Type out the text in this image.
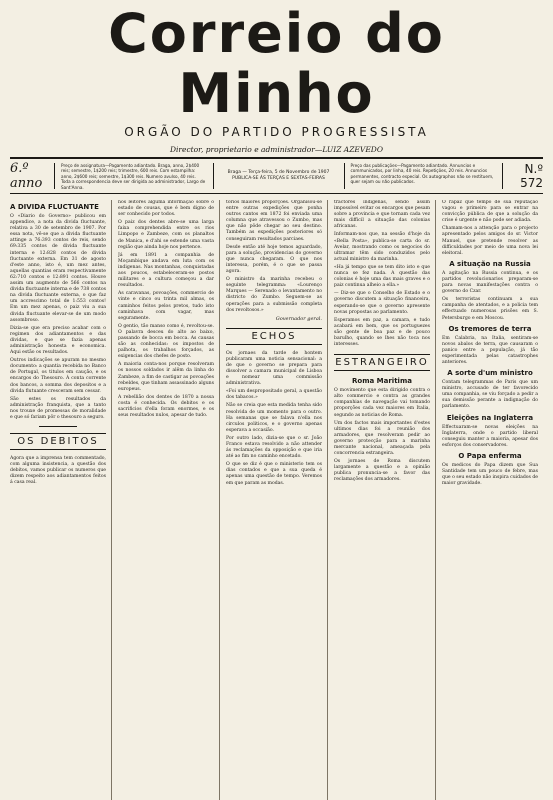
Correio do Minho
ORGÃO DO PARTIDO PROGRESSISTA
Director, proprietario e administrador—LUIZ AZEVEDO
6.º anno
Preço de assignatura—Pagamento adiantado. Braga, anno, 2$400 reis; semestre, 1$200 reis; trimestre, 600 reis. Com estampilha: anno, 2$600 reis; semestre, 1$300 reis. Numero avulso, 40 reis. Toda a correspondencia deve ser dirigida ao administrador, Largo de Sant'Anna.
Braga — Terça-feira, 5 de Novembro de 1907
PUBLICA-SE ÁS TERÇAS E SEXTAS-FEIRAS
Preço das publicações—Pagamento adiantado. Annuncios e communicados, por linha, 40 reis. Repetições, 20 reis. Annuncios permanentes, contracto especial. Os autographos não se restituem, quer sejam ou não publicados.
N.º 572
A DIVIDA FLUCTUANTE

O «Diario do Governo» publicou em appendice, a nota da divida fluctuante, relativa a 30 de setembro de 1907. Por essa nota, vê-se que a divida fluctuante attinge a 76:393 contos de reis, sendo 69:335 contos de divida fluctuante interna e 12:828 contos de divida fluctuante externa. Em 31 de agosto d'este anno, isto é, um mez antes, aquellas quantias eram respectivamente 62:710 contos e 12:891 contos. Houve assim um augmento de 566 contos na divida fluctuante interna e de 738 contos na divida fluctuante externa, o que faz um accrescimo total de 1:553 contos! Em um mez apenas, o paiz viu a sua divida fluctuante elevar-se de um modo assombroso.

Dizia-se que era preciso acabar com o regimen dos adiantamentos e das dividas, e que se fazia apenas administração honesta e economica. Aqui estão os resultados.

Outros indicações se apuram no mesmo documento: a quantia recebida no Banco de Portugal, os titulos em caução, e os encargos do Thesouro. Á conta corrente dos bancos, a somma dos depositos e a divida flutuante cresceram sem cessar.

São estes os resultados da administração franquista, que a tanto nos trouxe de promessas de moralidade e que só fariam pôr o thesouro a seguro.

OS DEBITOS

Agora que a imprensa tem commentado, com alguma insistencia, a questão dos debitos, vamos publicar os numeros que dizem respeito aos adiantamentos feitos á casa real.

nos leitores alguma informação sobre o estado de cousas, que é bem digno de ser conhecido por todos.

O paiz dos dentes abre-se uma larga faixa comprehendida entre os rios Limpopo e Zambeze, com os planaltos de Manica, e d'ahi se estende uma vasta região que ainda hoje nos pertence.

Já em 1891 a companhia de Moçambique andava em luta com os indigenas. Nas montanhas, conquistadas aos poucos, estabeleceram-se postos militares e a cultura começou a dar resultados.

As caravanas, povoações, commercio de vinte e cinco ou trinta mil almas, os caminhos feitos pelos pretos, tudo isto caminhava com vagar, mas seguramente.

O gentio, tão manso como é, revoltou-se. O palavra desceu do alto ao baixo, passando de bocca em bocca. As causas são as conhecidas: os impostos de palhota, os trabalhos forçados, as exigencias dos chefes de posto.

A maioria conta-nos porque resolveram os nossos soldados ir alêm da linha do Zambeze, a fim de castigar as povoações rebeldes, que tinham assassinado alguns europeus.

A rebellião dos dentes de 1870 a nossa costa é conhecida. Os debitos e os sacrificios d'ella foram enormes, e os seus resultados nulos, apesar de tudo.

torios maiores proporções. Organisou-se entre outras expedições que ponha outros cantos em 1872 foi enviada uma columna que atravessou o Zumbo, mas que não pôde chegar ao seu destino. Também as expedições posteriores só conseguiram resultados parciaes.

Desde então até hoje temos aguardado, para a solução, providencias do governo que nunca chegaram. O que nos interessa, porém, é o que se passa agora.

O ministro da marinha recebeu o seguinte telegramma: «Lourenço Marques — Serenado o levantamento no districto do Zumbo. Seguem-se as operações para a submissão completa dos revoltosos.»

Governador geral.
ECHOS

Os jornaes da tarde de hontem publicaram uma noticia sensacional: a de que o governo se prepara para dissolver a camara municipal de Lisboa e nomear uma commissão administrativa.

«Foi um despropositado geral, a questão dos tabacos.»

Não se creia que esta medida tenha sido resolvida de um momento para o outro. Ha semanas que se falava n'ella nos circulos politicos, e o governo apenas esperava a occasião.

Por outro lado, dizia-se que o sr. João Franco estava resolvido a não attender ás reclamações da opposição e que iria até ao fim no caminho encetado.

O que se diz é que o ministerio tem os dias contados e que a sua queda é apenas uma questão de tempo. Veremos em que param as modas.

tractores indigenas, sendo assim impossível evitar os encargos que pesam sobre a provincia e que tornam cada vez mais difficil a situação das colonias africanas.

Informam-nos que, na sessão d'hoje da «Bella Posta», publica-se carta do sr. Avelar, mostrando como os negocios do ultramar têm sido conduzidos pelo actual ministro da marinha.

«Ha já tempo que se tem dito isto e que nunca se fez nada. A questão das colonias é hoje uma das mais graves e o paiz continua alheio a ella.»

— Diz-se que o Conselho de Estado e o governo discutem a situação financeira, esperando-se que o governo apresente novas propostas ao parlamento.

Esperamos em paz, a camara, e tudo acabará em bem, que os portuguezes são gente de boa paz e de pouco barulho, quando se lhes não toca nos interesses.

ESTRANGEIRO
Roma Maritima

O movimento que esta dirigido contra o alto commercio e contra as grandes companhias de navegação vai tomando proporções cada vez maiores em Italia, segundo as noticias de Roma.

Um dos factos mais importantes d'estes ultimos dias foi a reunião dos armadores, que resolveram pedir ao governo protecção para a marinha mercante nacional, ameaçada pela concorrencia estrangeira.

Os jornaes de Roma discutem largamente a questão e a opinião publica pronuncia-se a favor das reclamações dos armadores.

O rapaz que tempo de sua reputação vagou e primeiro para se entrar na convicção pública de que a solução da crise é urgente e não pode ser adiada.

Chamam-nos a attenção para o projecto apresentado pelos amigos do sr. Victor Manuel, que pretende resolver as difficuldades por meio de uma nova lei eleitoral.

A situação na Russia

A agitação na Russia continua, e os partidos revolucionarios preparam-se para novas manifestações contra o governo do Czar.

Os terroristas continuam a sua campanha de atentados, e a policia tem effectuado numerosas prisões em S. Petersburgo e em Moscou.

Os tremores de terra

Em Calabria, na Italia, sentiram-se novos abalos de terra, que causaram o panico entre a população, já tão experimentada pelas catastrophes anteriores.

A sorte d'um ministro

Contam telegrammas de Paris que um ministro, accusado de ter favorecido uma companhia, se viu forçado a pedir a sua demissão perante a indignação do parlamento.

Eleições na Inglaterra

Effectuaram-se novas eleições na Inglaterra, onde o partido liberal conseguiu manter a maioria, apesar dos esforços dos conservadores.

O Papa enferma

Os medicos do Papa dizem que Sua Santidade tem um pouco de febre, mas que o seu estado não inspira cuidados de maior gravidade.
